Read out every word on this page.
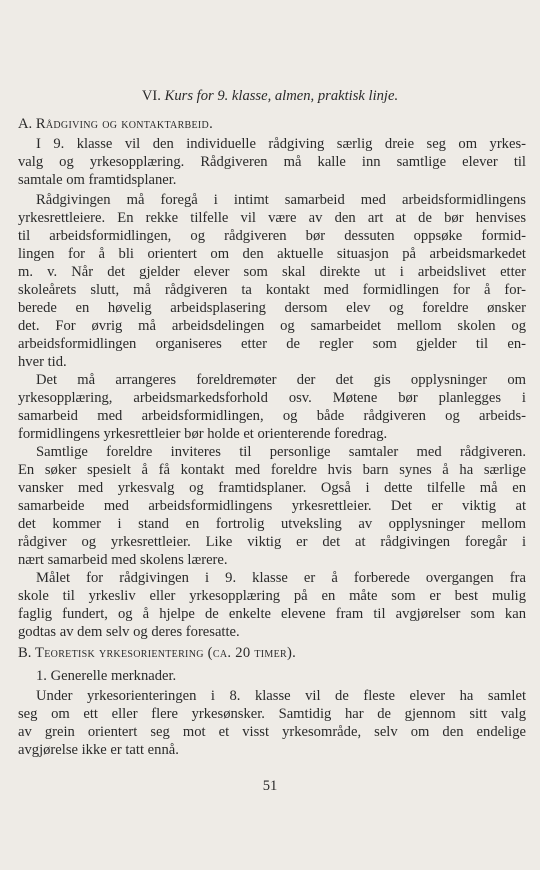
VI. Kurs for 9. klasse, almen, praktisk linje.
A. Rådgiving og kontaktarbeid.
I 9. klasse vil den individuelle rådgiving særlig dreie seg om yrkes-
valg og yrkesopplæring. Rådgiveren må kalle inn samtlige elever til
samtale om framtidsplaner.
Rådgivingen må foregå i intimt samarbeid med arbeidsformidlingens
yrkesrettleiere. En rekke tilfelle vil være av den art at de bør henvises
til arbeidsformidlingen, og rådgiveren bør dessuten oppsøke formid-
lingen for å bli orientert om den aktuelle situasjon på arbeidsmarkedet
m. v. Når det gjelder elever som skal direkte ut i arbeidslivet etter
skoleårets slutt, må rådgiveren ta kontakt med formidlingen for å for-
berede en høvelig arbeidsplasering dersom elev og foreldre ønsker
det. For øvrig må arbeidsdelingen og samarbeidet mellom skolen og
arbeidsformidlingen organiseres etter de regler som gjelder til en-
hver tid.
Det må arrangeres foreldremøter der det gis opplysninger om
yrkesopplæring, arbeidsmarkedsforhold osv. Møtene bør planlegges i
samarbeid med arbeidsformidlingen, og både rådgiveren og arbeids-
formidlingens yrkesrettleier bør holde et orienterende foredrag.
Samtlige foreldre inviteres til personlige samtaler med rådgiveren.
En søker spesielt å få kontakt med foreldre hvis barn synes å ha særlige
vansker med yrkesvalg og framtidsplaner. Også i dette tilfelle må en
samarbeide med arbeidsformidlingens yrkesrettleier. Det er viktig at
det kommer i stand en fortrolig utveksling av opplysninger mellom
rådgiver og yrkesrettleier. Like viktig er det at rådgivingen foregår i
nært samarbeid med skolens lærere.
Målet for rådgivingen i 9. klasse er å forberede overgangen fra
skole til yrkesliv eller yrkesopplæring på en måte som er best mulig
faglig fundert, og å hjelpe de enkelte elevene fram til avgjørelser som kan
godtas av dem selv og deres foresatte.
B. Teoretisk yrkesorientering (ca. 20 timer).
1. Generelle merknader.
Under yrkesorienteringen i 8. klasse vil de fleste elever ha samlet
seg om ett eller flere yrkesønsker. Samtidig har de gjennom sitt valg
av grein orientert seg mot et visst yrkesområde, selv om den endelige
avgjørelse ikke er tatt ennå.
51
